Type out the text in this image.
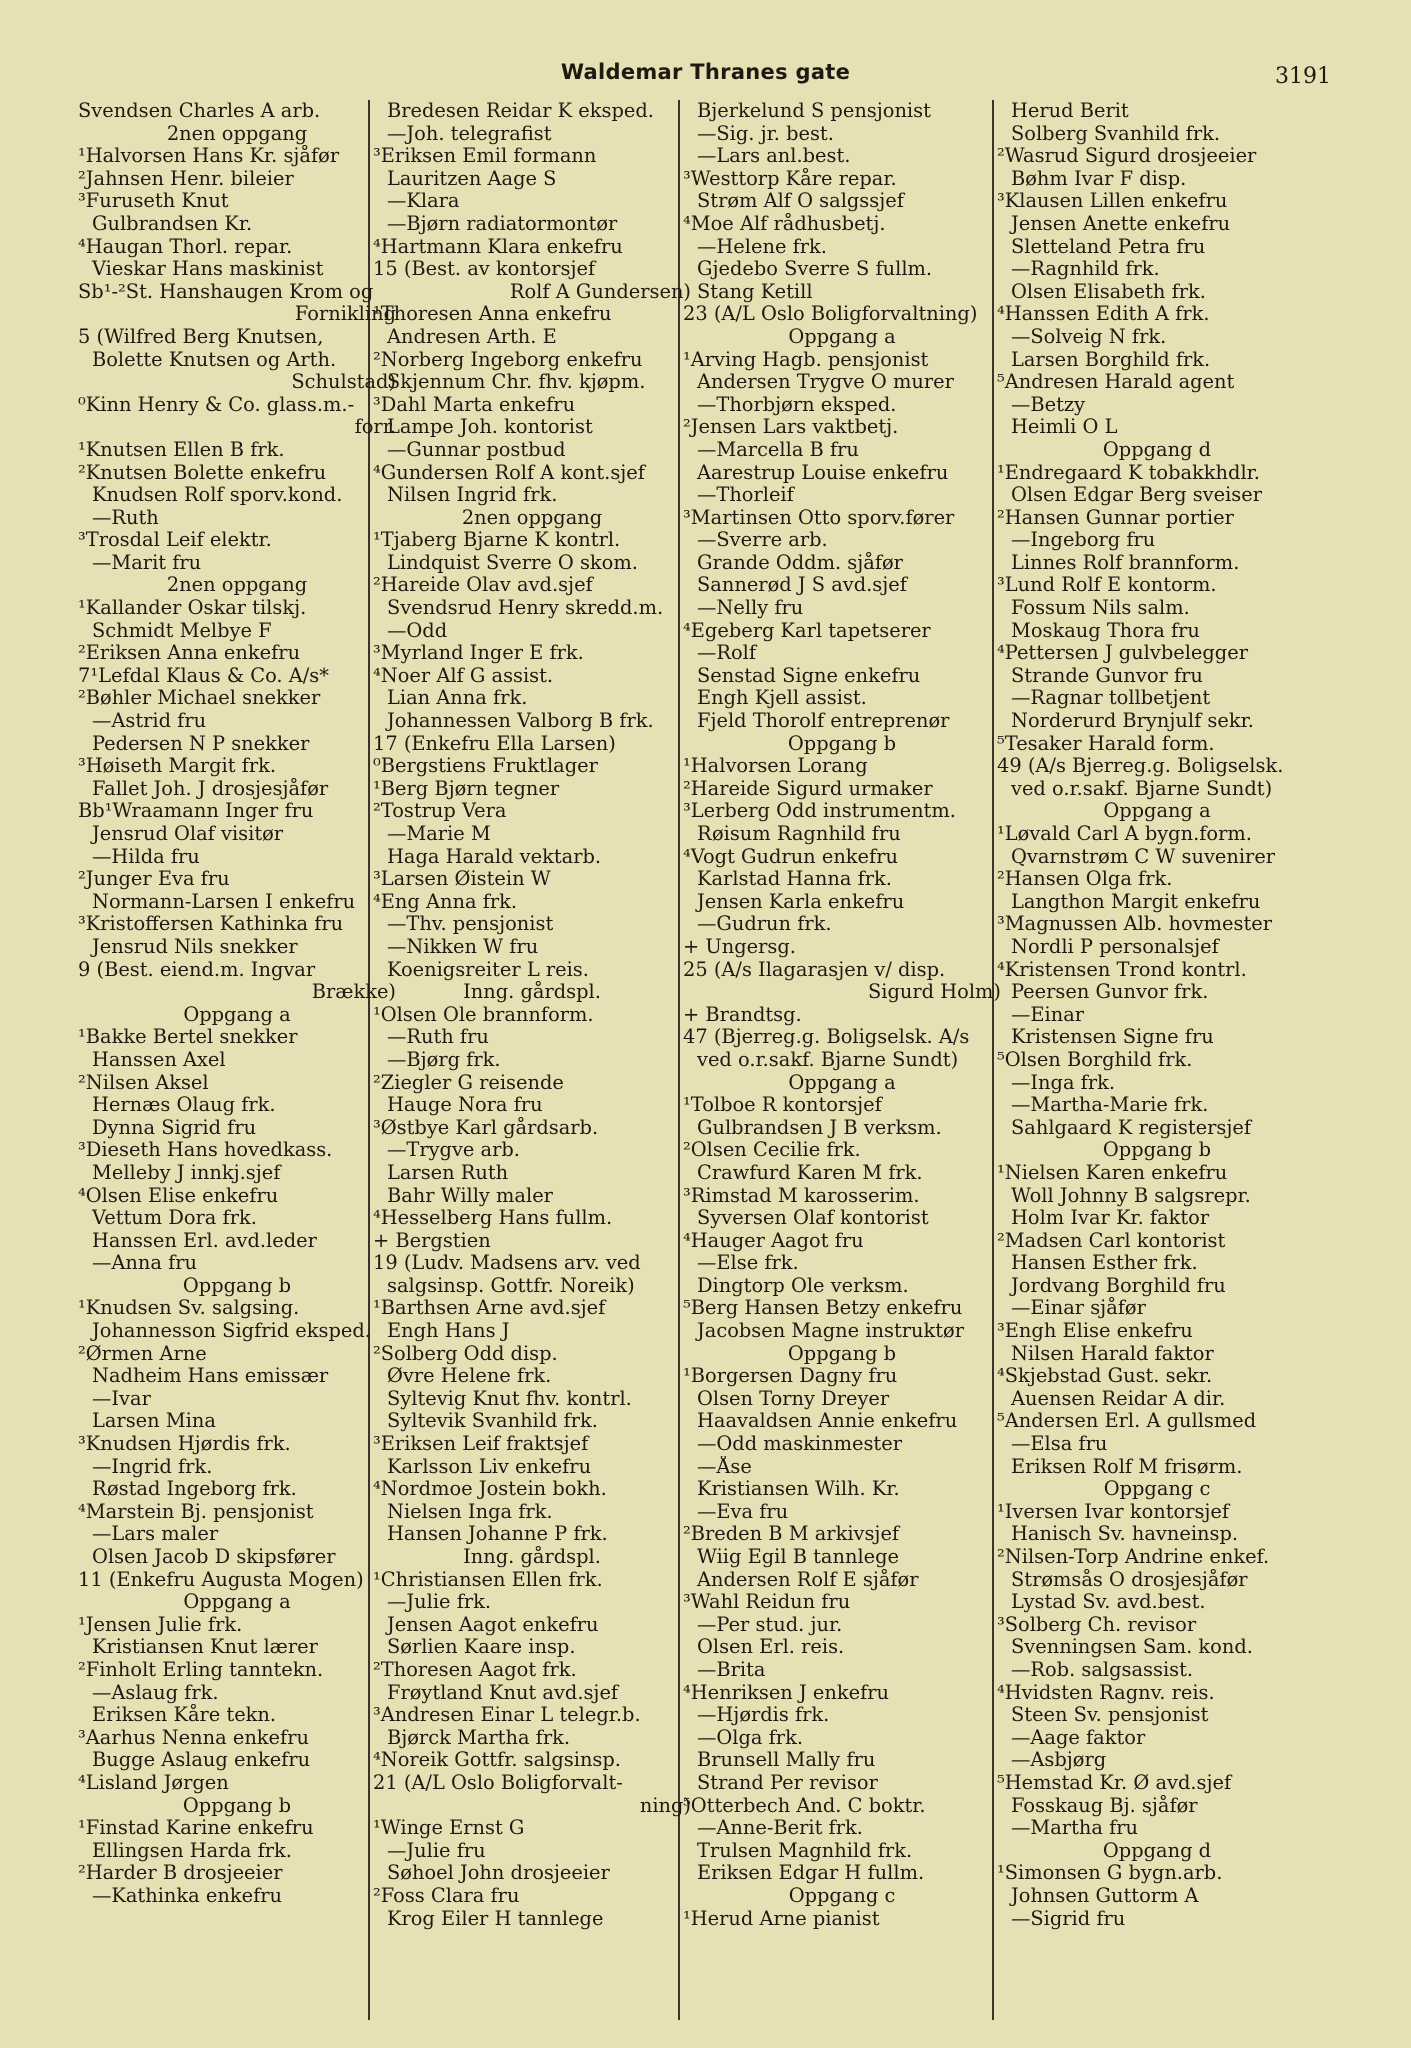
Waldemar Thranes gate	3191
Svendsen Charles A arb.
2nen oppgang
¹Halvorsen Hans Kr. sjåfør
²Jahnsen Henr. bileier
³Furuseth Knut
Gulbrandsen Kr.
⁴Haugan Thorl. repar.
Vieskar Hans maskinist
Sb¹-²St. Hanshaugen Krom og
Fornikling
5 (Wilfred Berg Knutsen,
Bolette Knutsen og Arth.
Schulstad)
⁰Kinn Henry & Co. glass.m.-
forr.
¹Knutsen Ellen B frk.
²Knutsen Bolette enkefru
Knudsen Rolf sporv.kond.
—Ruth
³Trosdal Leif elektr.
—Marit fru
2nen oppgang
¹Kallander Oskar tilskj.
Schmidt Melbye F
²Eriksen Anna enkefru
7¹Lefdal Klaus & Co. A/s*
²Bøhler Michael snekker
—Astrid fru
Pedersen N P snekker
³Høiseth Margit frk.
Fallet Joh. J drosjesjåfør
Bb¹Wraamann Inger fru
Jensrud Olaf visitør
—Hilda fru
²Junger Eva fru
Normann-Larsen I enkefru
³Kristoffersen Kathinka fru
Jensrud Nils snekker
9 (Best. eiend.m. Ingvar
Brække)
Oppgang a
¹Bakke Bertel snekker
Hanssen Axel
²Nilsen Aksel
Hernæs Olaug frk.
Dynna Sigrid fru
³Dieseth Hans hovedkass.
Melleby J innkj.sjef
⁴Olsen Elise enkefru
Vettum Dora frk.
Hanssen Erl. avd.leder
—Anna fru
Oppgang b
¹Knudsen Sv. salgsing.
Johannesson Sigfrid eksped.
²Ørmen Arne
Nadheim Hans emissær
—Ivar
Larsen Mina
³Knudsen Hjørdis frk.
—Ingrid frk.
Røstad Ingeborg frk.
⁴Marstein Bj. pensjonist
—Lars maler
Olsen Jacob D skipsfører
11 (Enkefru Augusta Mogen)
Oppgang a
¹Jensen Julie frk.
Kristiansen Knut lærer
²Finholt Erling tanntekn.
—Aslaug frk.
Eriksen Kåre tekn.
³Aarhus Nenna enkefru
Bugge Aslaug enkefru
⁴Lisland Jørgen
Oppgang b
¹Finstad Karine enkefru
Ellingsen Harda frk.
²Harder B drosjeeier
—Kathinka enkefru
Bredesen Reidar K eksped.
—Joh. telegrafist
³Eriksen Emil formann
Lauritzen Aage S
—Klara
—Bjørn radiatormontør
⁴Hartmann Klara enkefru
15 (Best. av kontorsjef
Rolf A Gundersen)
¹Thoresen Anna enkefru
Andresen Arth. E
²Norberg Ingeborg enkefru
Skjennum Chr. fhv. kjøpm.
³Dahl Marta enkefru
Lampe Joh. kontorist
—Gunnar postbud
⁴Gundersen Rolf A kont.sjef
Nilsen Ingrid frk.
2nen oppgang
¹Tjaberg Bjarne K kontrl.
Lindquist Sverre O skom.
²Hareide Olav avd.sjef
Svendsrud Henry skredd.m.
—Odd
³Myrland Inger E frk.
⁴Noer Alf G assist.
Lian Anna frk.
Johannessen Valborg B frk.
17 (Enkefru Ella Larsen)
⁰Bergstiens Fruktlager
¹Berg Bjørn tegner
²Tostrup Vera
—Marie M
Haga Harald vektarb.
³Larsen Øistein W
⁴Eng Anna frk.
—Thv. pensjonist
—Nikken W fru
Koenigsreiter L reis.
Inng. gårdspl.
¹Olsen Ole brannform.
—Ruth fru
—Bjørg frk.
²Ziegler G reisende
Hauge Nora fru
³Østbye Karl gårdsarb.
—Trygve arb.
Larsen Ruth
Bahr Willy maler
⁴Hesselberg Hans fullm.
+ Bergstien
19 (Ludv. Madsens arv. ved
salgsinsp. Gottfr. Noreik)
¹Barthsen Arne avd.sjef
Engh Hans J
²Solberg Odd disp.
Øvre Helene frk.
Syltevig Knut fhv. kontrl.
Syltevik Svanhild frk.
³Eriksen Leif fraktsjef
Karlsson Liv enkefru
⁴Nordmoe Jostein bokh.
Nielsen Inga frk.
Hansen Johanne P frk.
Inng. gårdspl.
¹Christiansen Ellen frk.
—Julie frk.
Jensen Aagot enkefru
Sørlien Kaare insp.
²Thoresen Aagot frk.
Frøytland Knut avd.sjef
³Andresen Einar L telegr.b.
Bjørck Martha frk.
⁴Noreik Gottfr. salgsinsp.
21 (A/L Oslo Boligforvalt-
ning)
¹Winge Ernst G
—Julie fru
Søhoel John drosjeeier
²Foss Clara fru
Krog Eiler H tannlege
Bjerkelund S pensjonist
—Sig. jr. best.
—Lars anl.best.
³Westtorp Kåre repar.
Strøm Alf O salgssjef
⁴Moe Alf rådhusbetj.
—Helene frk.
Gjedebo Sverre S fullm.
Stang Ketill
23 (A/L Oslo Boligforvaltning)
Oppgang a
¹Arving Hagb. pensjonist
Andersen Trygve O murer
—Thorbjørn eksped.
²Jensen Lars vaktbetj.
—Marcella B fru
Aarestrup Louise enkefru
—Thorleif
³Martinsen Otto sporv.fører
—Sverre arb.
Grande Oddm. sjåfør
Sannerød J S avd.sjef
—Nelly fru
⁴Egeberg Karl tapetserer
—Rolf
Senstad Signe enkefru
Engh Kjell assist.
Fjeld Thorolf entreprenør
Oppgang b
¹Halvorsen Lorang
²Hareide Sigurd urmaker
³Lerberg Odd instrumentm.
Røisum Ragnhild fru
⁴Vogt Gudrun enkefru
Karlstad Hanna frk.
Jensen Karla enkefru
—Gudrun frk.
+ Ungersg.
25 (A/s Ilagarasjen v/ disp.
Sigurd Holm)
+ Brandtsg.
47 (Bjerreg.g. Boligselsk. A/s
ved o.r.sakf. Bjarne Sundt)
Oppgang a
¹Tolboe R kontorsjef
Gulbrandsen J B verksm.
²Olsen Cecilie frk.
Crawfurd Karen M frk.
³Rimstad M karosserim.
Syversen Olaf kontorist
⁴Hauger Aagot fru
—Else frk.
Dingtorp Ole verksm.
⁵Berg Hansen Betzy enkefru
Jacobsen Magne instruktør
Oppgang b
¹Borgersen Dagny fru
Olsen Torny Dreyer
Haavaldsen Annie enkefru
—Odd maskinmester
—Åse
Kristiansen Wilh. Kr.
—Eva fru
²Breden B M arkivsjef
Wiig Egil B tannlege
Andersen Rolf E sjåfør
³Wahl Reidun fru
—Per stud. jur.
Olsen Erl. reis.
—Brita
⁴Henriksen J enkefru
—Hjørdis frk.
—Olga frk.
Brunsell Mally fru
Strand Per revisor
⁵Otterbech And. C boktr.
—Anne-Berit frk.
Trulsen Magnhild frk.
Eriksen Edgar H fullm.
Oppgang c
¹Herud Arne pianist
Herud Berit
Solberg Svanhild frk.
²Wasrud Sigurd drosjeeier
Bøhm Ivar F disp.
³Klausen Lillen enkefru
Jensen Anette enkefru
Sletteland Petra fru
—Ragnhild frk.
Olsen Elisabeth frk.
⁴Hanssen Edith A frk.
—Solveig N frk.
Larsen Borghild frk.
⁵Andresen Harald agent
—Betzy
Heimli O L
Oppgang d
¹Endregaard K tobakkhdlr.
Olsen Edgar Berg sveiser
²Hansen Gunnar portier
—Ingeborg fru
Linnes Rolf brannform.
³Lund Rolf E kontorm.
Fossum Nils salm.
Moskaug Thora fru
⁴Pettersen J gulvbelegger
Strande Gunvor fru
—Ragnar tollbetjent
Norderurd Brynjulf sekr.
⁵Tesaker Harald form.
49 (A/s Bjerreg.g. Boligselsk.
ved o.r.sakf. Bjarne Sundt)
Oppgang a
¹Løvald Carl A bygn.form.
Qvarnstrøm C W suvenirer
²Hansen Olga frk.
Langthon Margit enkefru
³Magnussen Alb. hovmester
Nordli P personalsjef
⁴Kristensen Trond kontrl.
Peersen Gunvor frk.
—Einar
Kristensen Signe fru
⁵Olsen Borghild frk.
—Inga frk.
—Martha-Marie frk.
Sahlgaard K registersjef
Oppgang b
¹Nielsen Karen enkefru
Woll Johnny B salgsrepr.
Holm Ivar Kr. faktor
²Madsen Carl kontorist
Hansen Esther frk.
Jordvang Borghild fru
—Einar sjåfør
³Engh Elise enkefru
Nilsen Harald faktor
⁴Skjebstad Gust. sekr.
Auensen Reidar A dir.
⁵Andersen Erl. A gullsmed
—Elsa fru
Eriksen Rolf M frisørm.
Oppgang c
¹Iversen Ivar kontorsjef
Hanisch Sv. havneinsp.
²Nilsen-Torp Andrine enkef.
Strømsås O drosjesjåfør
Lystad Sv. avd.best.
³Solberg Ch. revisor
Svenningsen Sam. kond.
—Rob. salgsassist.
⁴Hvidsten Ragnv. reis.
Steen Sv. pensjonist
—Aage faktor
—Asbjørg
⁵Hemstad Kr. Ø avd.sjef
Fosskaug Bj. sjåfør
—Martha fru
Oppgang d
¹Simonsen G bygn.arb.
Johnsen Guttorm A
—Sigrid fru
